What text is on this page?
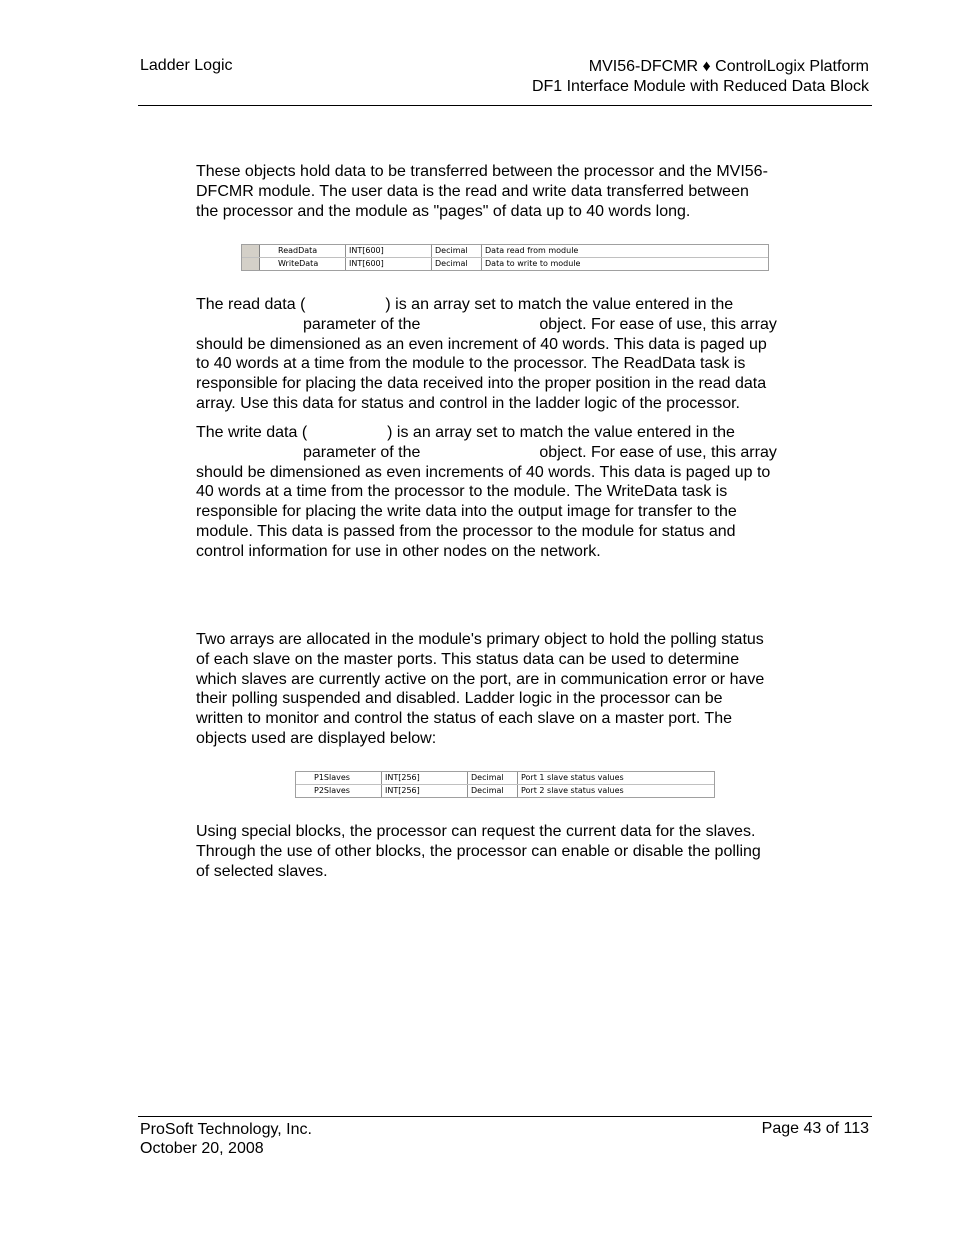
Ladder Logic	MVI56-DFCMR ♦ ControlLogix Platform
DF1 Interface Module with Reduced Data Block

These objects hold data to be transferred between the processor and the MVI56-
DFCMR module. The user data is the read and write data transferred between
the processor and the module as "pages" of data up to 40 words long.

ReadData	INT[600]	Decimal	Data read from module
WriteData	INT[600]	Decimal	Data to write to module

The read data (	) is an array set to match the value entered in the
parameter of the	object. For ease of use, this array
should be dimensioned as an even increment of 40 words. This data is paged up
to 40 words at a time from the module to the processor. The ReadData task is
responsible for placing the data received into the proper position in the read data
array. Use this data for status and control in the ladder logic of the processor.

The write data (	) is an array set to match the value entered in the
parameter of the	object. For ease of use, this array
should be dimensioned as even increments of 40 words. This data is paged up to
40 words at a time from the processor to the module. The WriteData task is
responsible for placing the write data into the output image for transfer to the
module. This data is passed from the processor to the module for status and
control information for use in other nodes on the network.

Two arrays are allocated in the module's primary object to hold the polling status
of each slave on the master ports. This status data can be used to determine
which slaves are currently active on the port, are in communication error or have
their polling suspended and disabled. Ladder logic in the processor can be
written to monitor and control the status of each slave on a master port. The
objects used are displayed below:

P1Slaves	INT[256]	Decimal	Port 1 slave status values
P2Slaves	INT[256]	Decimal	Port 2 slave status values

Using special blocks, the processor can request the current data for the slaves.
Through the use of other blocks, the processor can enable or disable the polling
of selected slaves.

ProSoft Technology, Inc.
October 20, 2008
Page 43 of 113
